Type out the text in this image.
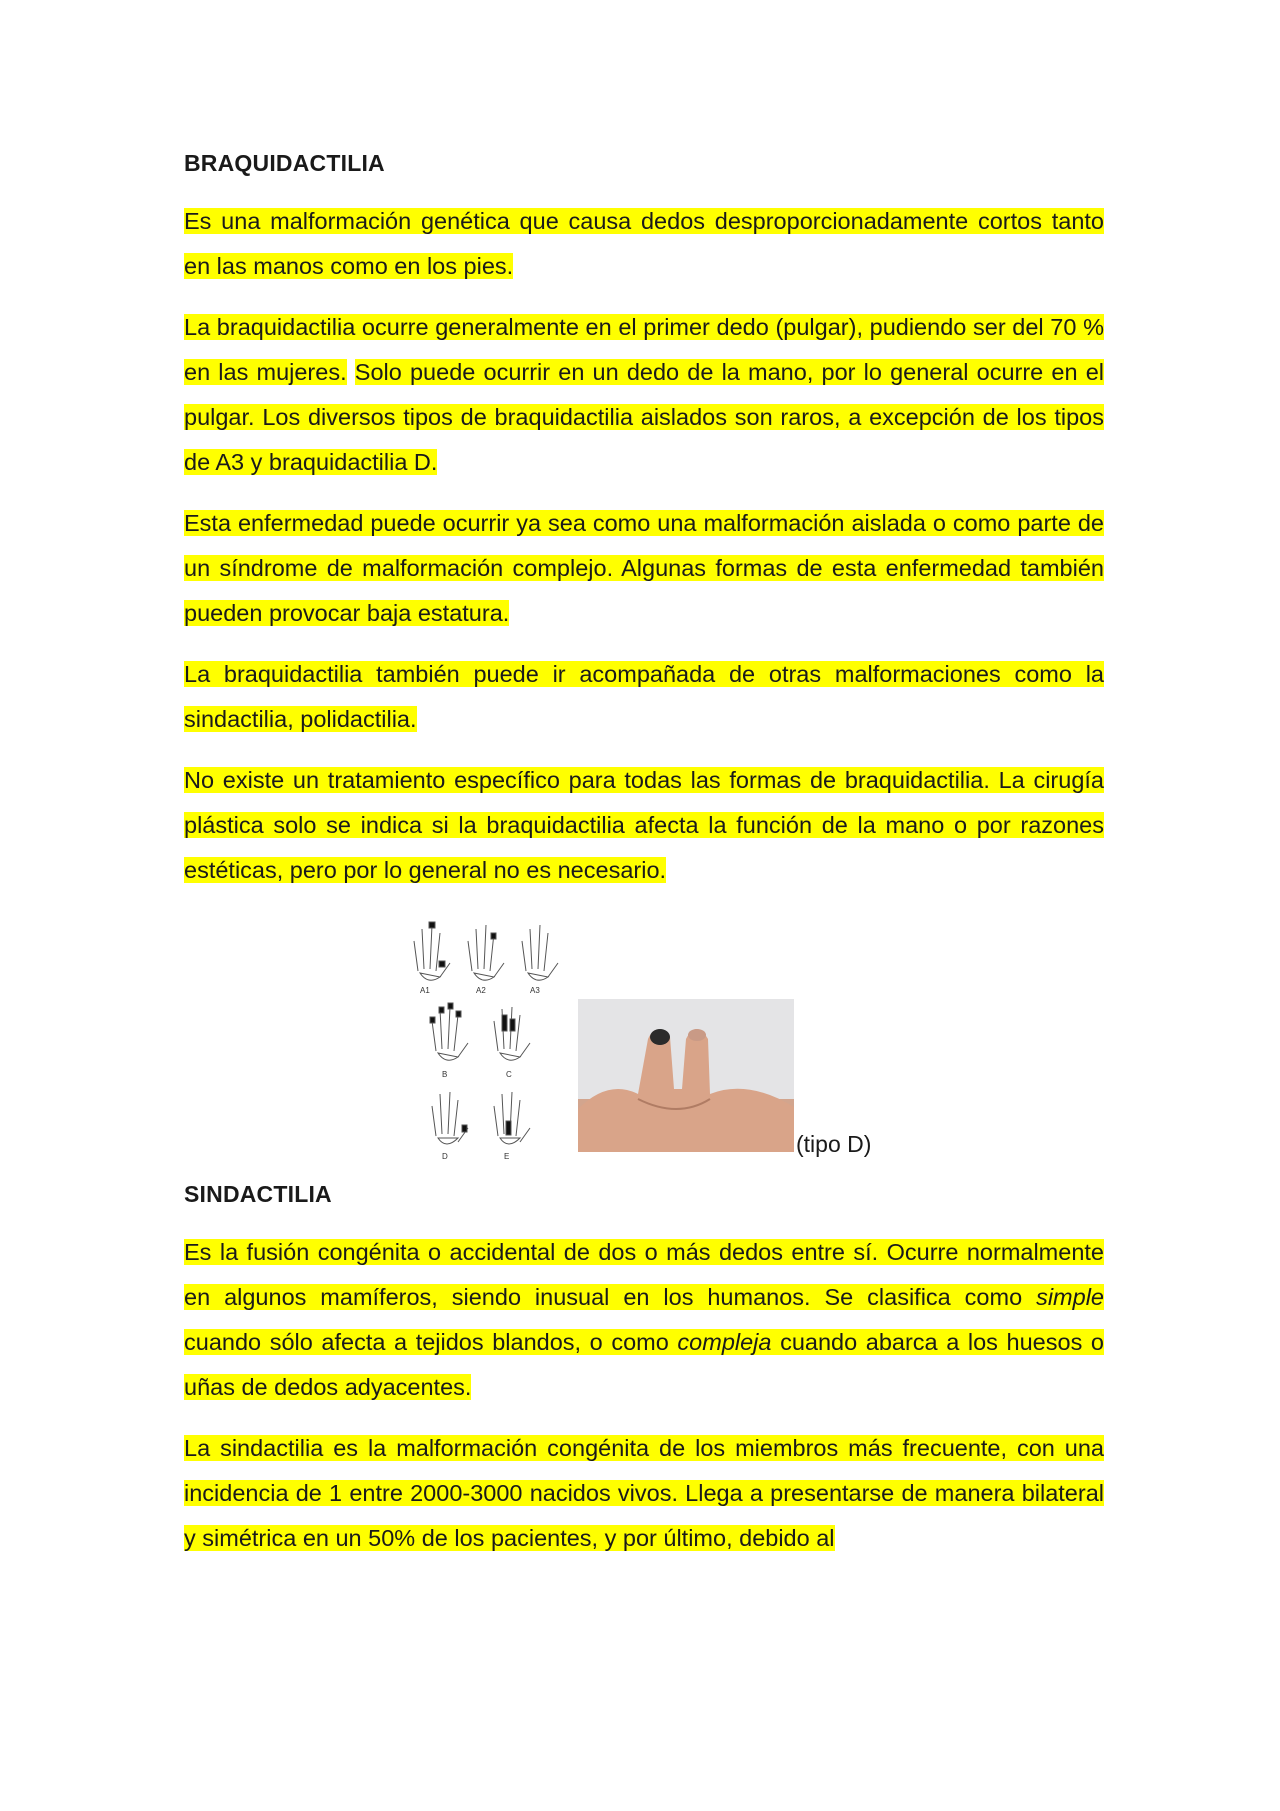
BRAQUIDACTILIA

Es una malformación genética que causa dedos desproporcionadamente cortos tanto en las manos como en los pies.

La braquidactilia ocurre generalmente en el primer dedo (pulgar), pudiendo ser del 70 % en las mujeres. Solo puede ocurrir en un dedo de la mano, por lo general ocurre en el pulgar. Los diversos tipos de braquidactilia aislados son raros, a excepción de los tipos de A3 y braquidactilia D.

Esta enfermedad puede ocurrir ya sea como una malformación aislada o como parte de un síndrome de malformación complejo. Algunas formas de esta enfermedad también pueden provocar baja estatura.

La braquidactilia también puede ir acompañada de otras malformaciones como la sindactilia, polidactilia.

No existe un tratamiento específico para todas las formas de braquidactilia. La cirugía plástica solo se indica si la braquidactilia afecta la función de la mano o por razones estéticas, pero por lo general no es necesario.

A1	A2	A3
B	C
D	E	(tipo D)
SINDACTILIA

Es la fusión congénita o accidental de dos o más dedos entre sí. Ocurre normalmente en algunos mamíferos, siendo inusual en los humanos. Se clasifica como simple cuando sólo afecta a tejidos blandos, o como compleja cuando abarca a los huesos o uñas de dedos adyacentes.

La sindactilia es la malformación congénita de los miembros más frecuente, con una incidencia de 1 entre 2000-3000 nacidos vivos. Llega a presentarse de manera bilateral y simétrica en un 50% de los pacientes, y por último, debido al
